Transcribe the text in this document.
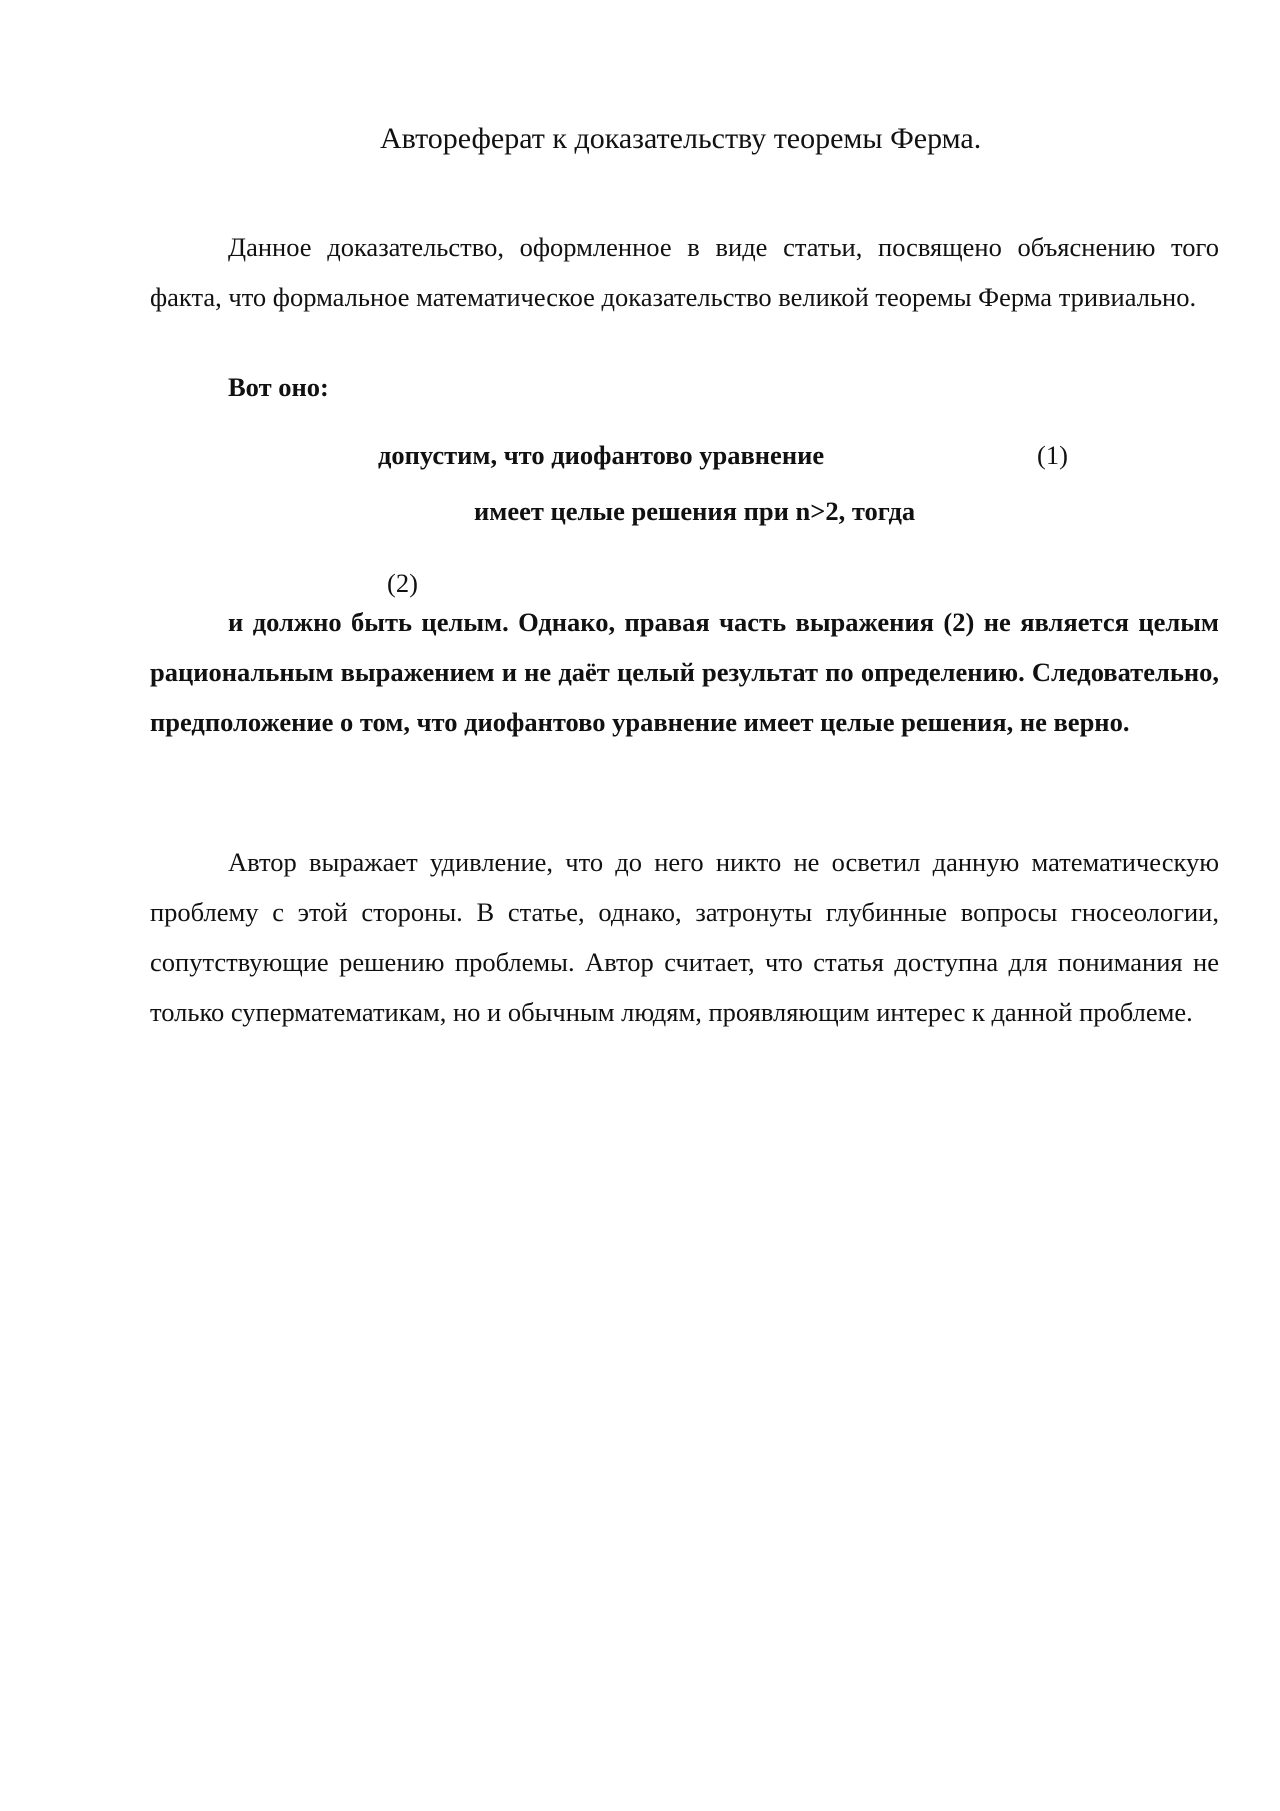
Автореферат к доказательству теоремы Ферма.
Данное доказательство, оформленное в виде статьи, посвящено объяснению того факта, что формальное математическое доказательство великой теоремы Ферма тривиально.
Вот оно:
допустим, что диофантово уравнение	(1)
имеет целые решения при n>2, тогда
(2)
и должно быть целым. Однако, правая часть выражения (2) не является целым рациональным выражением и не даёт целый результат по определению. Следовательно, предположение о том, что диофантово уравнение имеет целые решения, не верно.
Автор выражает удивление, что до него никто не осветил данную математическую проблему с этой стороны. В статье, однако, затронуты глубинные вопросы гносеологии, сопутствующие решению проблемы. Автор считает, что статья доступна для понимания не только суперматематикам, но и обычным людям, проявляющим интерес к данной проблеме.
